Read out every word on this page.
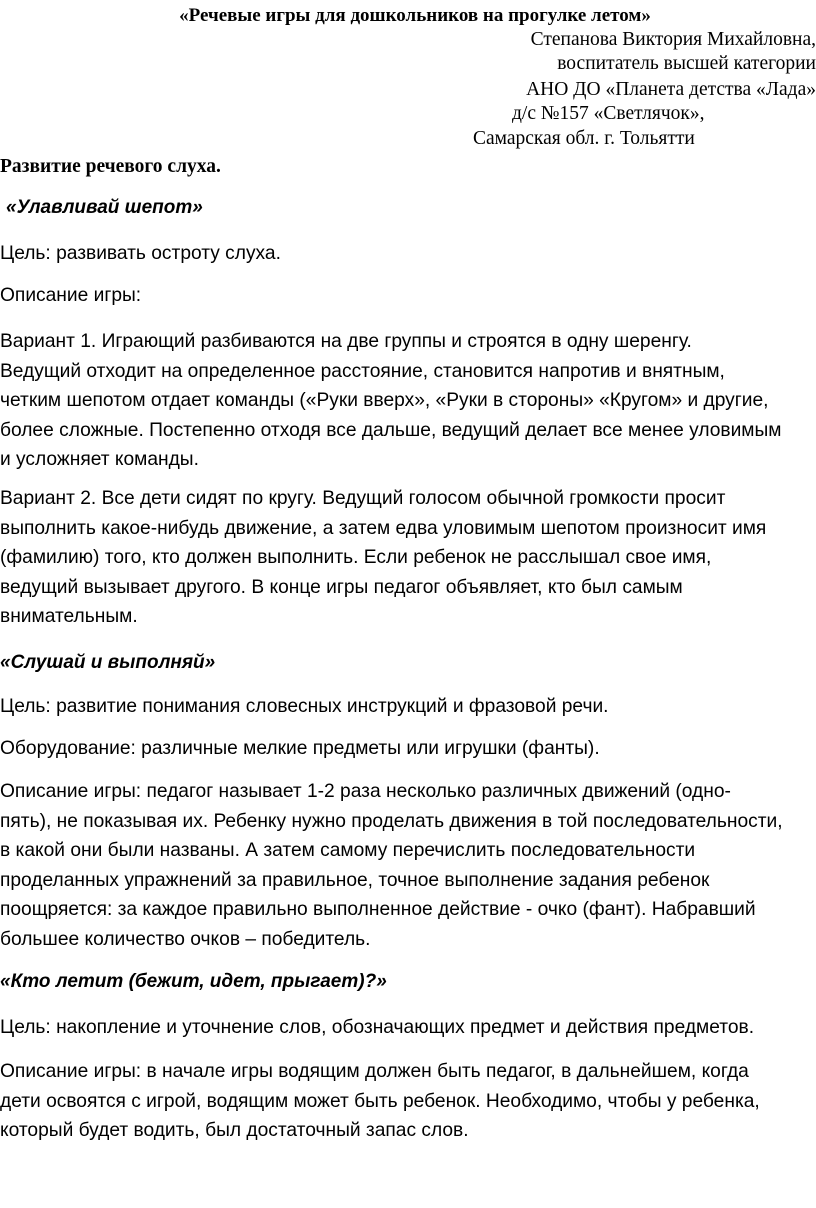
«Речевые игры для дошкольников на прогулке летом»
Степанова Виктория Михайловна,
воспитатель высшей категории
АНО ДО «Планета детства «Лада»
д/с №157 «Светлячок»,
Самарская обл. г. Тольятти
Развитие речевого слуха.
«Улавливай шепот»

Цель: развивать остроту слуха.

Описание игры:

Вариант 1. Играющий разбиваются на две группы и строятся в одну шеренгу.
Ведущий отходит на определенное расстояние, становится напротив и внятным,
четким шепотом отдает команды («Руки вверх», «Руки в стороны» «Кругом» и другие,
более сложные. Постепенно отходя все дальше, ведущий делает все менее уловимым
и усложняет команды.

Вариант 2. Все дети сидят по кругу. Ведущий голосом обычной громкости просит
выполнить какое-нибудь движение, а затем едва уловимым шепотом произносит имя
(фамилию) того, кто должен выполнить. Если ребенок не расслышал свое имя,
ведущий вызывает другого. В конце игры педагог объявляет, кто был самым
внимательным.

«Слушай и выполняй»

Цель: развитие понимания словесных инструкций и фразовой речи.

Оборудование: различные мелкие предметы или игрушки (фанты).

Описание игры: педагог называет 1-2 раза несколько различных движений (одно-
пять), не показывая их. Ребенку нужно проделать движения в той последовательности,
в какой они были названы. А затем самому перечислить последовательности
проделанных упражнений за правильное, точное выполнение задания ребенок
поощряется: за каждое правильно выполненное действие - очко (фант). Набравший
большее количество очков – победитель.

«Кто летит (бежит, идет, прыгает)?»

Цель: накопление и уточнение слов, обозначающих предмет и действия предметов.

Описание игры: в начале игры водящим должен быть педагог, в дальнейшем, когда
дети освоятся с игрой, водящим может быть ребенок. Необходимо, чтобы у ребенка,
который будет водить, был достаточный запас слов.
